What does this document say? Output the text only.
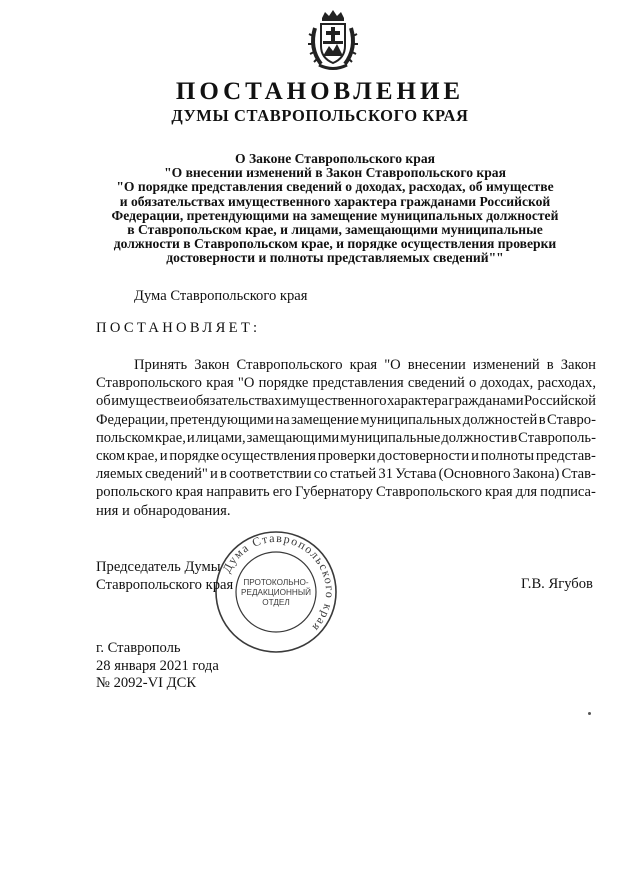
ПОСТАНОВЛЕНИЕ
ДУМЫ СТАВРОПОЛЬСКОГО КРАЯ
О Законе Ставропольского края
"О внесении изменений в Закон Ставропольского края
"О порядке представления сведений о доходах, расходах, об имуществе
и обязательствах имущественного характера гражданами Российской
Федерации, претендующими на замещение муниципальных должностей
в Ставропольском крае, и лицами, замещающими муниципальные
должности в Ставропольском крае, и порядке осуществления проверки
достоверности и полноты представляемых сведений""
Дума Ставропольского края
ПОСТАНОВЛЯЕТ:
Принять Закон Ставропольского края "О внесении изменений в Закон
Ставропольского края "О порядке представления сведений о доходах, расходах,
об имуществе и обязательствах имущественного характера гражданами Российской
Федерации, претендующими на замещение муниципальных должностей в Ставро-
польском крае, и лицами, замещающими муниципальные должности в Ставрополь-
ском крае, и порядке осуществления проверки достоверности и полноты представ-
ляемых сведений" и в соответствии со статьей 31 Устава (Основного Закона) Став-
ропольского края направить его Губернатору Ставропольского края для подписа-
ния и обнародования.
Дума Ставропольского края
ПРОТОКОЛЬНО-
РЕДАКЦИОННЫЙ
ОТДЕЛ
Председатель Думы
Ставропольского края	Г.В. Ягубов
г. Ставрополь
28 января 2021 года
№ 2092-VI ДСК
